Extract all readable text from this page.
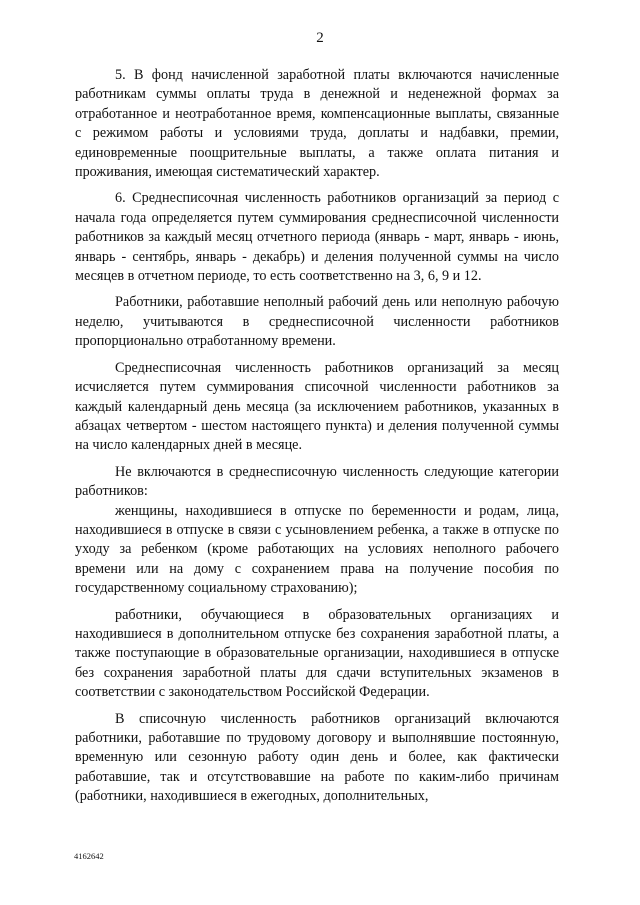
2

5. В фонд начисленной заработной платы включаются начисленные работникам суммы оплаты труда в денежной и неденежной формах за отработанное и неотработанное время, компенсационные выплаты, связанные с режимом работы и условиями труда, доплаты и надбавки, премии, единовременные поощрительные выплаты, а также оплата питания и проживания, имеющая систематический характер.

6. Среднесписочная численность работников организаций за период с начала года определяется путем суммирования среднесписочной численности работников за каждый месяц отчетного периода (январь - март, январь - июнь, январь - сентябрь, январь - декабрь) и деления полученной суммы на число месяцев в отчетном периоде, то есть соответственно на 3, 6, 9 и 12.

Работники, работавшие неполный рабочий день или неполную рабочую неделю, учитываются в среднесписочной численности работников пропорционально отработанному времени.

Среднесписочная численность работников организаций за месяц исчисляется путем суммирования списочной численности работников за каждый календарный день месяца (за исключением работников, указанных в абзацах четвертом - шестом настоящего пункта) и деления полученной суммы на число календарных дней в месяце.

Не включаются в среднесписочную численность следующие категории работников:

женщины, находившиеся в отпуске по беременности и родам, лица, находившиеся в отпуске в связи с усыновлением ребенка, а также в отпуске по уходу за ребенком (кроме работающих на условиях неполного рабочего времени или на дому с сохранением права на получение пособия по государственному социальному страхованию);

работники, обучающиеся в образовательных организациях и находившиеся в дополнительном отпуске без сохранения заработной платы, а также поступающие в образовательные организации, находившиеся в отпуске без сохранения заработной платы для сдачи вступительных экзаменов в соответствии с законодательством Российской Федерации.

В списочную численность работников организаций включаются работники, работавшие по трудовому договору и выполнявшие постоянную, временную или сезонную работу один день и более, как фактически работавшие, так и отсутствовавшие на работе по каким-либо причинам (работники, находившиеся в ежегодных, дополнительных,

4162642
